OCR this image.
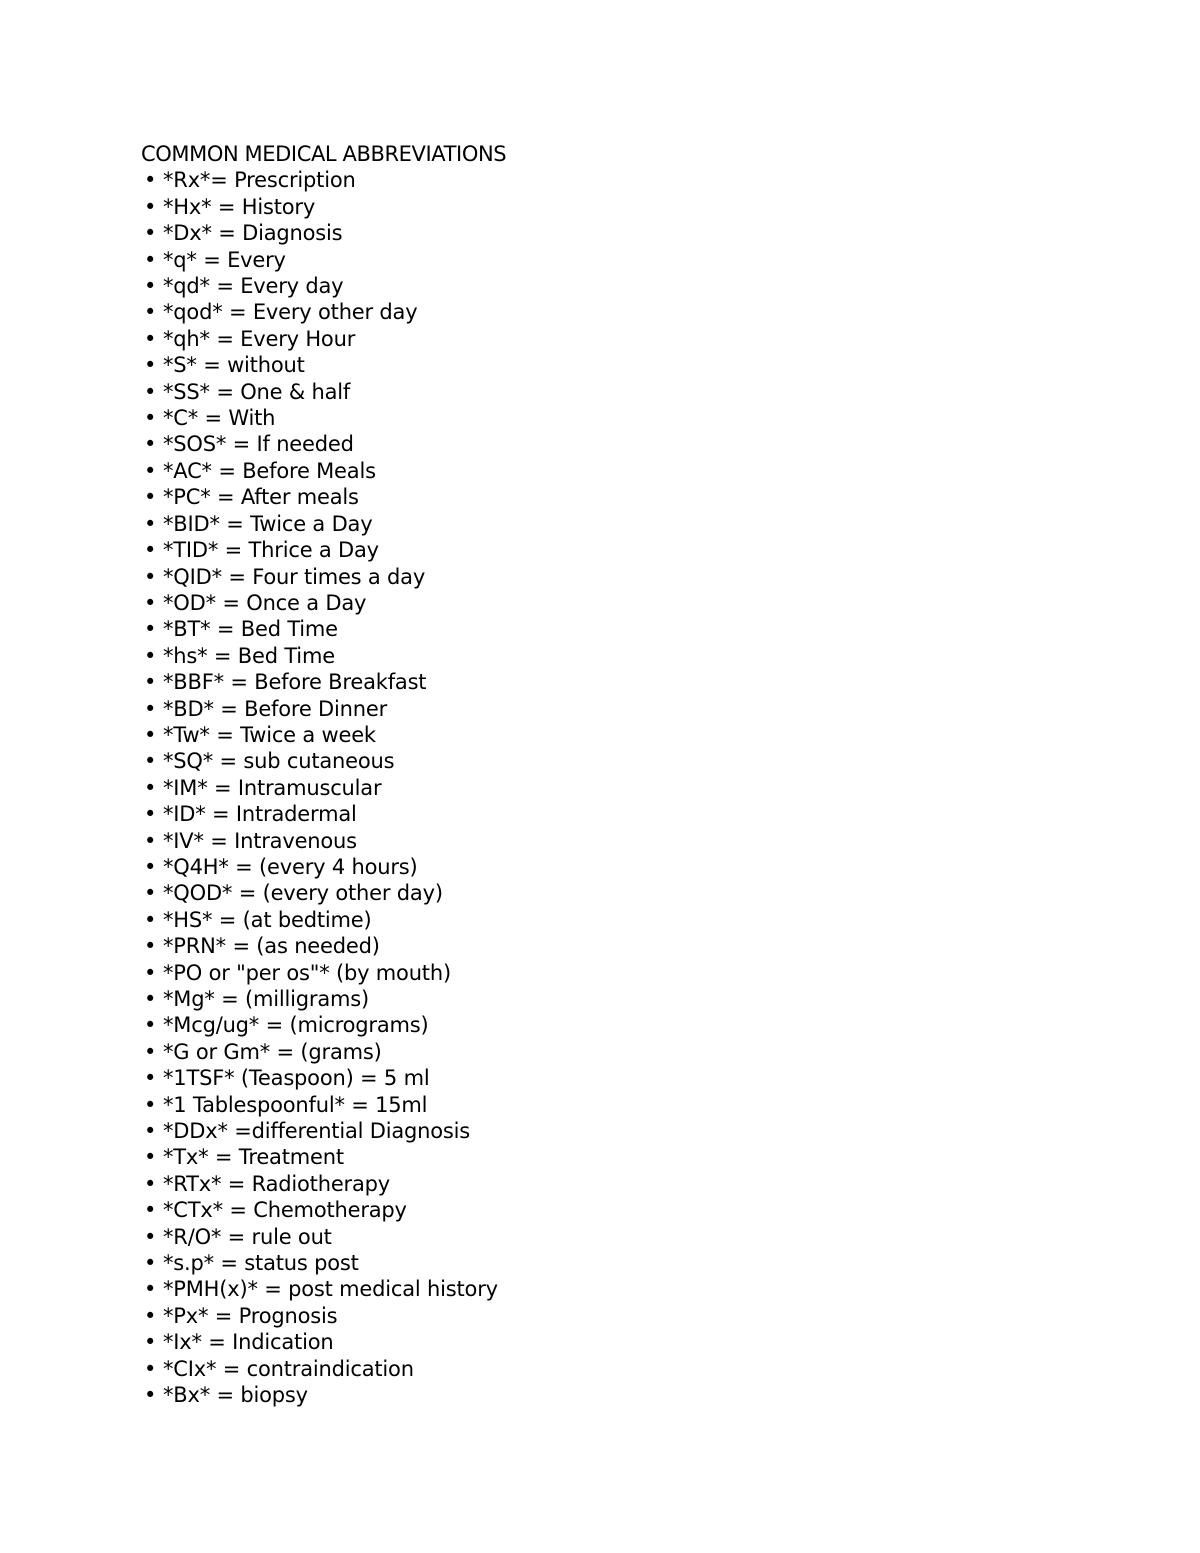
COMMON MEDICAL ABBREVIATIONS
• *Rx*= Prescription
• *Hx* = History
• *Dx* = Diagnosis
• *q* = Every
• *qd* = Every day
• *qod* = Every other day
• *qh* = Every Hour
• *S* = without
• *SS* = One & half
• *C* = With
• *SOS* = If needed
• *AC* = Before Meals
• *PC* = After meals
• *BID* = Twice a Day
• *TID* = Thrice a Day
• *QID* = Four times a day
• *OD* = Once a Day
• *BT* = Bed Time
• *hs* = Bed Time
• *BBF* = Before Breakfast
• *BD* = Before Dinner
• *Tw* = Twice a week
• *SQ* = sub cutaneous
• *IM* = Intramuscular
• *ID* = Intradermal
• *IV* = Intravenous
• *Q4H* = (every 4 hours)
• *QOD* = (every other day)
• *HS* = (at bedtime)
• *PRN* = (as needed)
• *PO or "per os"* (by mouth)
• *Mg* = (milligrams)
• *Mcg/ug* = (micrograms)
• *G or Gm* = (grams)
• *1TSF* (Teaspoon) = 5 ml
• *1 Tablespoonful* = 15ml
• *DDx* =differential Diagnosis
• *Tx* = Treatment
• *RTx* = Radiotherapy
• *CTx* = Chemotherapy
• *R/O* = rule out
• *s.p* = status post
• *PMH(x)* = post medical history
• *Px* = Prognosis
• *Ix* = Indication
• *CIx* = contraindication
• *Bx* = biopsy
